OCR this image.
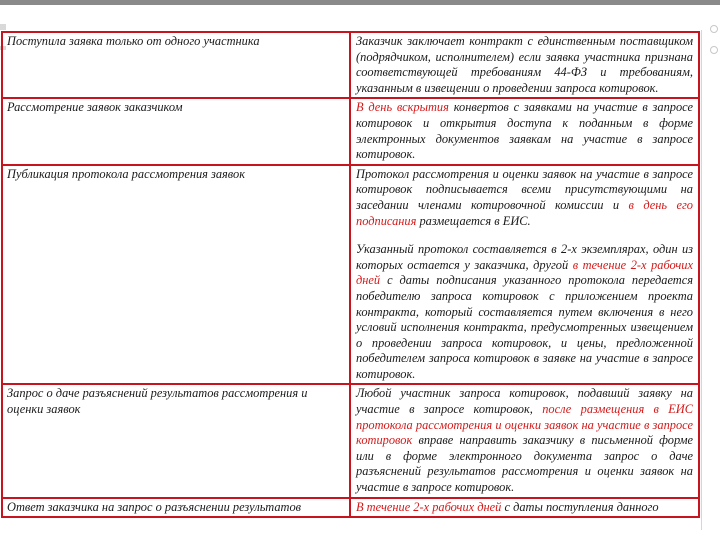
Поступила заявка только от одного участника	Заказчик заключает контракт с единственным поставщиком (подрядчиком, исполнителем) если заявка участника признана соответствующей требованиям 44-ФЗ и требованиям, указанным в извещении о проведении запроса котировок.
Рассмотрение заявок заказчиком	В день вскрытия конвертов с заявками на участие в запросе котировок и открытия доступа к поданным в форме электронных документов заявкам на участие в запросе котировок.
Публикация протокола рассмотрения заявок	Протокол рассмотрения и оценки заявок на участие в запросе котировок подписывается всеми присутствующими на заседании членами котировочной комиссии и в день его подписания размещается в ЕИС.
Указанный протокол составляется в 2-х экземплярах, один из которых остается у заказчика, другой в течение 2-х рабочих дней с даты подписания указанного протокола передается победителю запроса котировок с приложением проекта контракта, который составляется путем включения в него условий исполнения контракта, предусмотренных извещением о проведении запроса котировок, и цены, предложенной победителем запроса котировок в заявке на участие в запросе котировок.
Запрос о даче разъяснений результатов рассмотрения и оценки заявок	Любой участник запроса котировок, подавший заявку на участие в запросе котировок, после размещения в ЕИС протокола рассмотрения и оценки заявок на участие в запросе котировок вправе направить заказчику в письменной форме или в форме электронного документа запрос о даче разъяснений результатов рассмотрения и оценки заявок на участие в запросе котировок.
Ответ заказчика на запрос о разъяснении результатов	В течение 2-х рабочих дней с даты поступления данного
